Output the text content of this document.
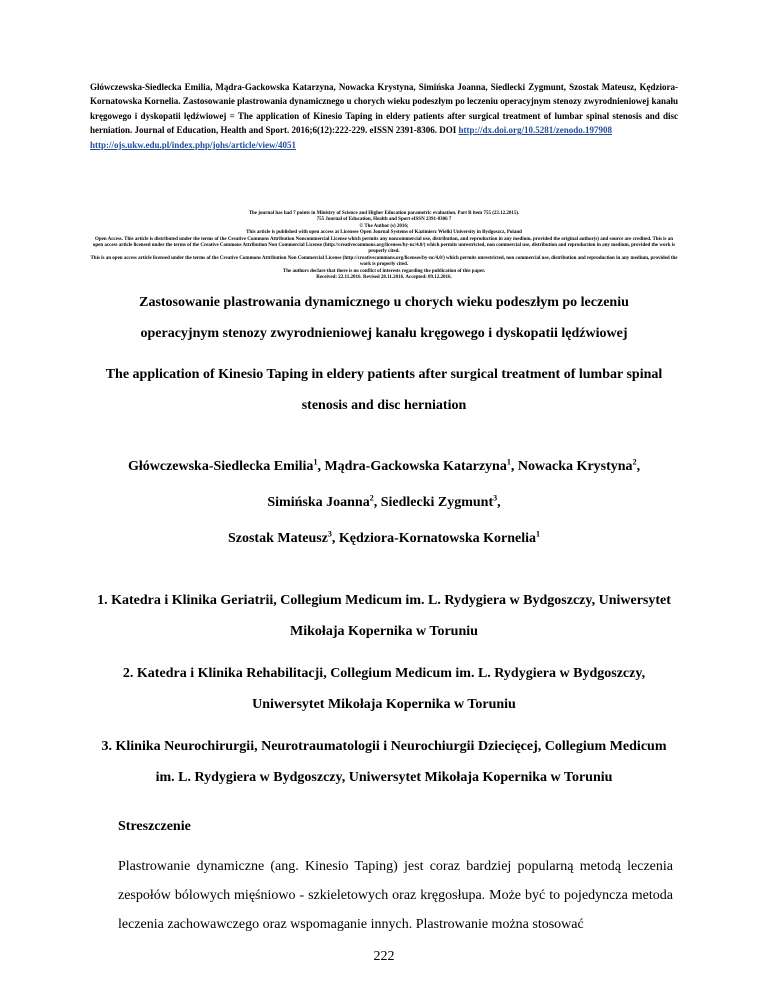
Główczewska-Siedlecka Emilia, Mądra-Gackowska Katarzyna, Nowacka Krystyna, Simińska Joanna, Siedlecki Zygmunt, Szostak Mateusz, Kędziora-Kornatowska Kornelia. Zastosowanie plastrowania dynamicznego u chorych wieku podeszłym po leczeniu operacyjnym stenozy zwyrodnieniowej kanału kręgowego i dyskopatii lędźwiowej = The application of Kinesio Taping in eldery patients after surgical treatment of lumbar spinal stenosis and disc herniation. Journal of Education, Health and Sport. 2016;6(12):222-229. eISSN 2391-8306. DOI http://dx.doi.org/10.5281/zenodo.197908
http://ojs.ukw.edu.pl/index.php/johs/article/view/4051
The journal has had 7 points in Ministry of Science and Higher Education parametric evaluation. Part B item 755 (23.12.2015).
755 Journal of Education, Health and Sport eISSN 2391-8306 7
© The Author (s) 2016;
This article is published with open access at Licensee Open Journal Systems of Kazimierz Wielki University in Bydgoszcz, Poland
Open Access. This article is distributed under the terms of the Creative Commons Attribution Noncommercial License which permits any noncommercial use, distribution, and reproduction in any medium, provided the original author(s) and source are credited. This is an open access article licensed under the terms of the Creative Commons Attribution Non Commercial License (http://creativecommons.org/licenses/by-nc/4.0/) which permits unrestricted, non commercial use, distribution and reproduction in any medium, provided the work is properly cited.
This is an open access article licensed under the terms of the Creative Commons Attribution Non Commercial License (http://creativecommons.org/licenses/by-nc/4.0/) which permits unrestricted, non commercial use, distribution and reproduction in any medium, provided the work is properly cited.
The authors declare that there is no conflict of interests regarding the publication of this paper.
Received: 22.11.2016. Revised 28.11.2016. Accepted: 09.12.2016.
Zastosowanie plastrowania dynamicznego u chorych wieku podeszłym po leczeniu operacyjnym stenozy zwyrodnieniowej kanału kręgowego i dyskopatii lędźwiowej
The application of Kinesio Taping in eldery patients after surgical treatment of lumbar spinal stenosis and disc herniation
Główczewska-Siedlecka Emilia$^1$, Mądra-Gackowska Katarzyna$^1$, Nowacka Krystyna$^2$,
Simińska Joanna$^2$, Siedlecki Zygmunt$^3$,
Szostak Mateusz$^3$, Kędziora-Kornatowska Kornelia$^1$
1. Katedra i Klinika Geriatrii, Collegium Medicum im. L. Rydygiera w Bydgoszczy, Uniwersytet Mikołaja Kopernika w Toruniu
2. Katedra i Klinika Rehabilitacji, Collegium Medicum im. L. Rydygiera w Bydgoszczy, Uniwersytet Mikołaja Kopernika w Toruniu
3. Klinika Neurochirurgii, Neurotraumatologii i Neurochiurgii Dziecięcej, Collegium Medicum im. L. Rydygiera w Bydgoszczy, Uniwersytet Mikołaja Kopernika w Toruniu
Streszczenie
Plastrowanie dynamiczne (ang. Kinesio Taping) jest coraz bardziej popularną metodą leczenia zespołów bólowych mięśniowo - szkieletowych oraz kręgosłupa. Może być to pojedyncza metoda leczenia zachowawczego oraz wspomaganie innych. Plastrowanie można stosować
222
